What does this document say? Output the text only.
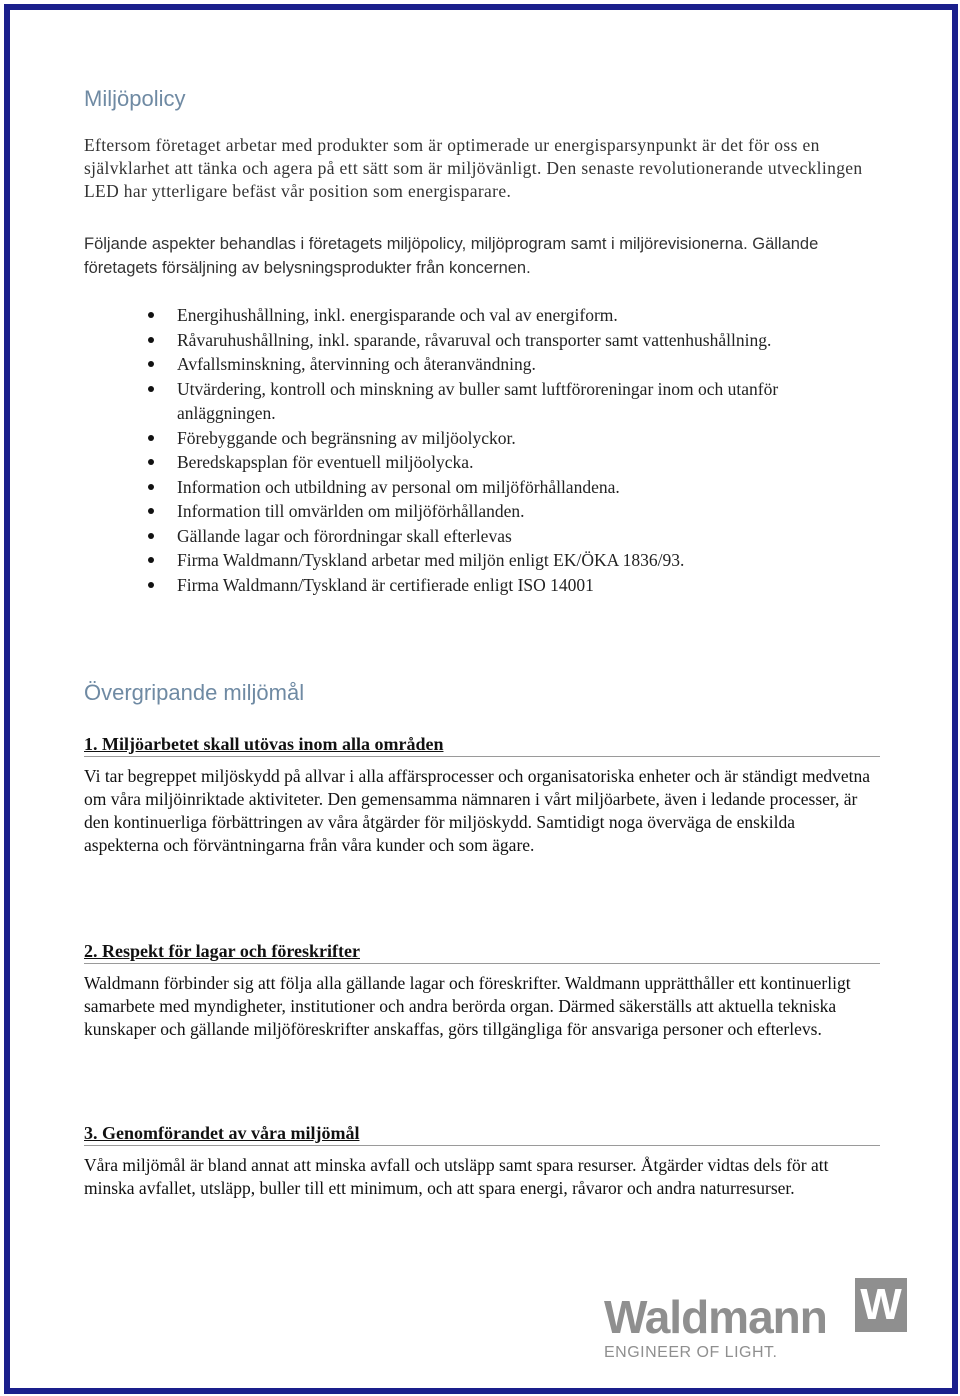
Miljöpolicy

Eftersom företaget arbetar med produkter som är optimerade ur energisparsynpunkt är det för oss en självklarhet att tänka och agera på ett sätt som är miljövänligt. Den senaste revolutionerande utvecklingen LED har ytterligare befäst vår position som energisparare.

Följande aspekter behandlas i företagets miljöpolicy, miljöprogram samt i miljörevisionerna. Gällande företagets försäljning av belysningsprodukter från koncernen.

Energihushållning, inkl. energisparande och val av energiform.
Råvaruhushållning, inkl. sparande, råvaruval och transporter samt vattenhushållning.
Avfallsminskning, återvinning och återanvändning.
Utvärdering, kontroll och minskning av buller samt luftföroreningar inom och utanför anläggningen.
Förebyggande och begränsning av miljöolyckor.
Beredskapsplan för eventuell miljöolycka.
Information och utbildning av personal om miljöförhållandena.
Information till omvärlden om miljöförhållanden.
Gällande lagar och förordningar skall efterlevas
Firma Waldmann/Tyskland arbetar med miljön enligt EK/ÖKA 1836/93.
Firma Waldmann/Tyskland är certifierade enligt ISO 14001
Övergripande miljömål
1. Miljöarbetet skall utövas inom alla områden

Vi tar begreppet miljöskydd på allvar i alla affärsprocesser och organisatoriska enheter och är ständigt medvetna om våra miljöinriktade aktiviteter. Den gemensamma nämnaren i vårt miljöarbete, även i ledande processer, är den kontinuerliga förbättringen av våra åtgärder för miljöskydd. Samtidigt noga överväga de enskilda aspekterna och förväntningarna från våra kunder och som ägare.

2. Respekt för lagar och föreskrifter

Waldmann förbinder sig att följa alla gällande lagar och föreskrifter. Waldmann upprätthåller ett kontinuerligt samarbete med myndigheter, institutioner och andra berörda organ. Därmed säkerställs att aktuella tekniska kunskaper och gällande miljöföreskrifter anskaffas, görs tillgängliga för ansvariga personer och efterlevs.

3. Genomförandet av våra miljömål

Våra miljömål är bland annat att minska avfall och utsläpp samt spara resurser. Åtgärder vidtas dels för att minska avfallet, utsläpp, buller till ett minimum, och att spara energi, råvaror och andra naturresurser.

Waldmann W
ENGINEER OF LIGHT.
